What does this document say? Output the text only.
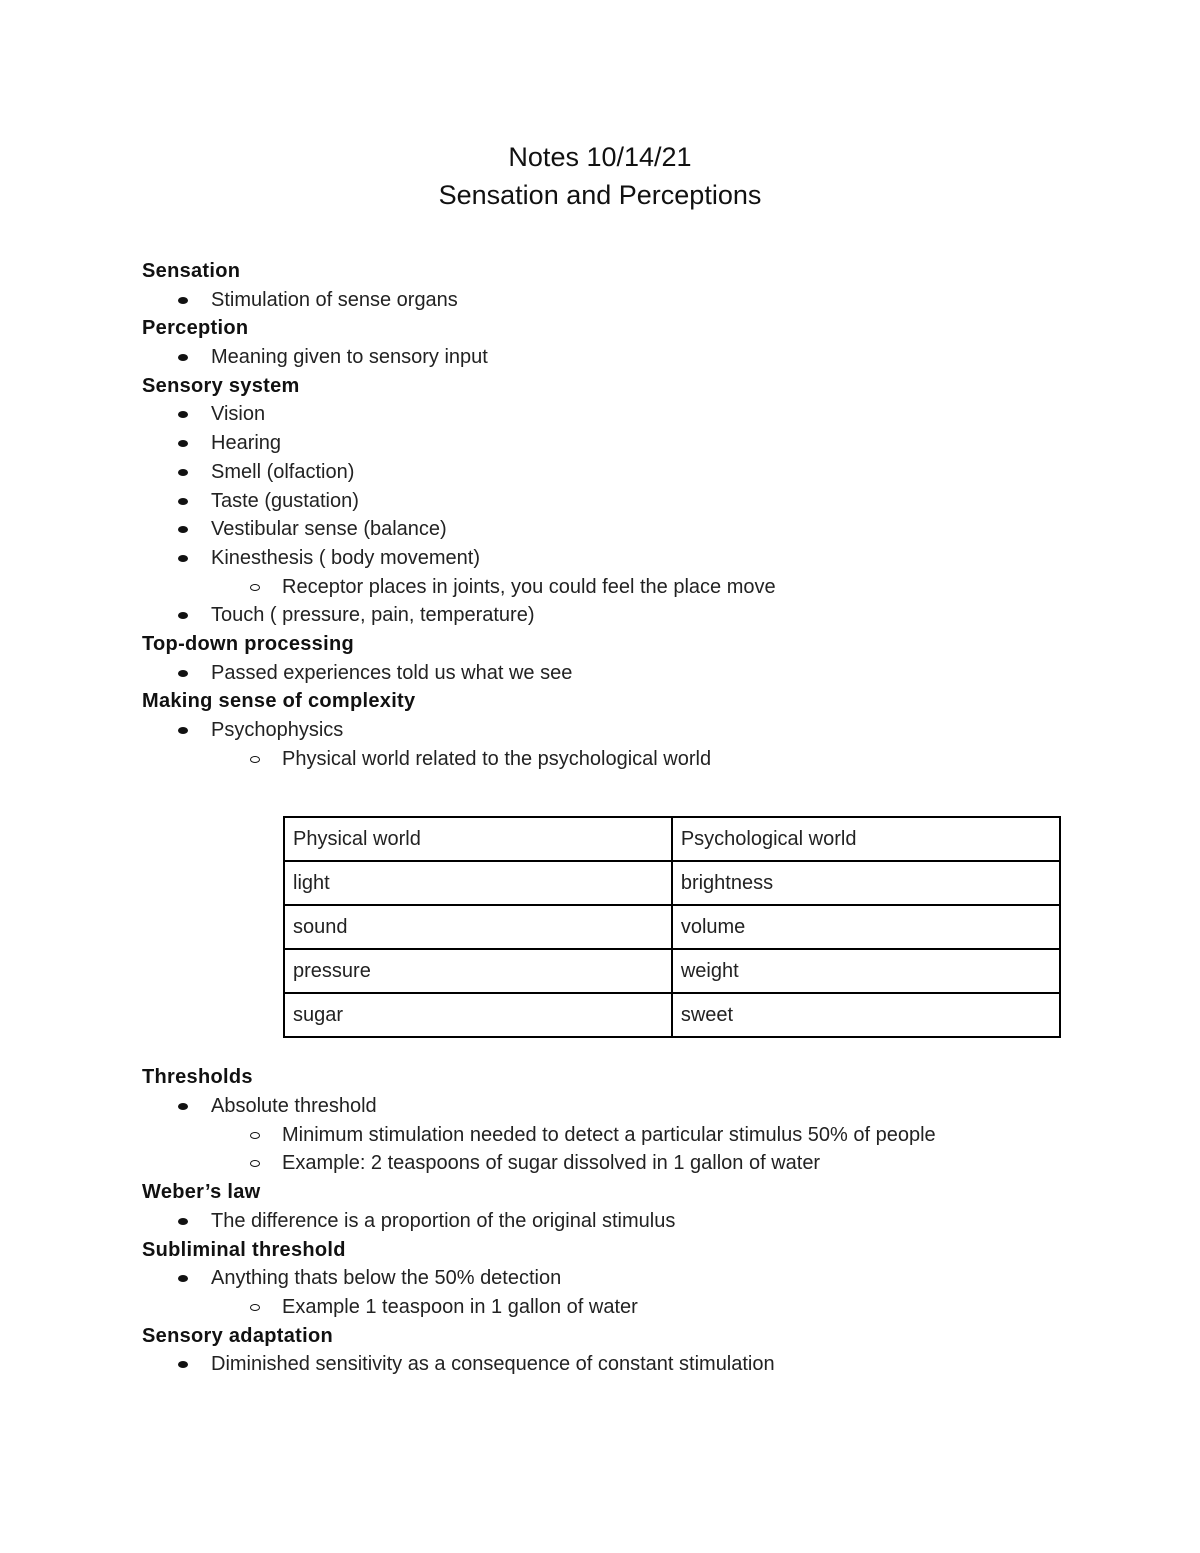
Notes 10/14/21
Sensation and Perceptions
Sensation
Stimulation of sense organs
Perception
Meaning given to sensory input
Sensory system
Vision
Hearing
Smell (olfaction)
Taste (gustation)
Vestibular sense (balance)
Kinesthesis ( body movement)
Receptor places in joints, you could feel the place move
Touch ( pressure, pain, temperature)
Top-down processing
Passed experiences told us what we see
Making sense of complexity
Psychophysics
Physical world related to the psychological world
Physical world	Psychological world
light	brightness
sound	volume
pressure	weight
sugar	sweet
Thresholds
Absolute threshold
Minimum stimulation needed to detect a particular stimulus 50% of people
Example: 2 teaspoons of sugar dissolved in 1 gallon of water
Weber’s law
The difference is a proportion of the original stimulus
Subliminal threshold
Anything thats below the 50% detection
Example 1 teaspoon in 1 gallon of water
Sensory adaptation
Diminished sensitivity as a consequence of constant stimulation
